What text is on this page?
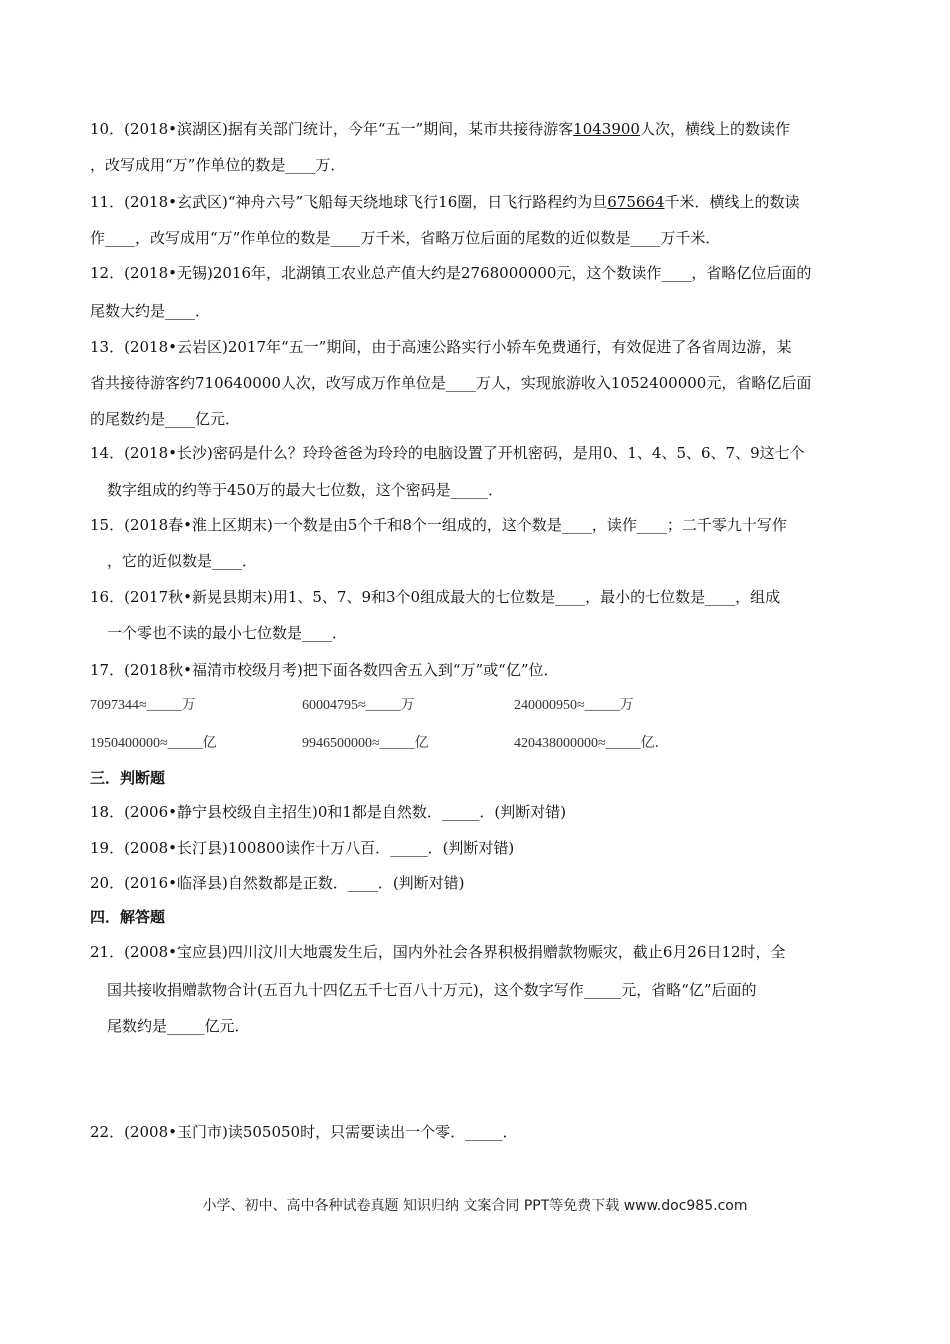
10．(2018•滨湖区)据有关部门统计，今年“五一”期间，某市共接待游客1043900人次，横线上的数读作
，改写成用“万”作单位的数是____万．
11．(2018•玄武区)“神舟六号”飞船每天绕地球飞行16圈，日飞行路程约为旦675664千米．横线上的数读
作____，改写成用“万”作单位的数是____万千米，省略万位后面的尾数的近似数是____万千米．
12．(2018•无锡)2016年，北湖镇工农业总产值大约是2768000000元，这个数读作____，省略亿位后面的
尾数大约是____．
13．(2018•云岩区)2017年“五一”期间，由于高速公路实行小轿车免费通行，有效促进了各省周边游，某
省共接待游客约710640000人次，改写成万作单位是____万人，实现旅游收入1052400000元，省略亿后面
的尾数约是____亿元．
14．(2018•长沙)密码是什么？玲玲爸爸为玲玲的电脑设置了开机密码，是用0、1、4、5、6、7、9这七个
数字组成的约等于450万的最大七位数，这个密码是_____．
15．(2018春•淮上区期末)一个数是由5个千和8个一组成的，这个数是____，读作____；二千零九十写作
，它的近似数是____．
16．(2017秋•新晃县期末)用1、5、7、9和3个0组成最大的七位数是____，最小的七位数是____，组成
一个零也不读的最小七位数是____．
17．(2018秋•福清市校级月考)把下面各数四舍五入到“万”或“亿”位．
7097344≈_____万	60004795≈_____万	240000950≈_____万
1950400000≈_____亿	9946500000≈_____亿	420438000000≈_____亿．
三．判断题
18．(2006•静宁县校级自主招生)0和1都是自然数．_____．(判断对错)
19．(2008•长汀县)100800读作十万八百．_____．(判断对错)
20．(2016•临泽县)自然数都是正数．____．(判断对错)
四．解答题
21．(2008•宝应县)四川汶川大地震发生后，国内外社会各界积极捐赠款物赈灾，截止6月26日12时，全
国共接收捐赠款物合计(五百九十四亿五千七百八十万元)，这个数字写作_____元，省略“亿”后面的
尾数约是_____亿元．
22．(2008•玉门市)读505050时，只需要读出一个零．_____．
小学、初中、高中各种试卷真题 知识归纳 文案合同 PPT等免费下载 www.doc985.com
